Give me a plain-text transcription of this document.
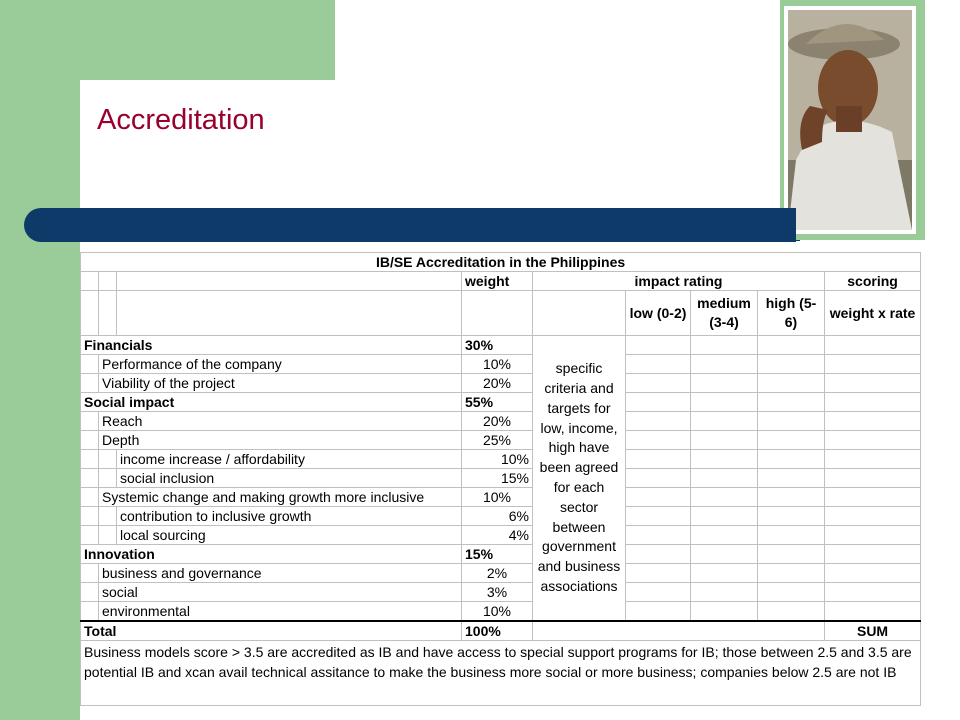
Accreditation
IB/SE Accreditation in the Philippines								
			weight	impact rating				scoring
					low (0-2)	medium (3-4)	high (5-6)	weight x rate
Financials			30%	specific criteria and targets for low, income, high have been agreed for each sector between government and business associations				
	Performance of the company		10%					
	Viability of the project		20%					
Social impact			55%					
	Reach		20%					
	Depth		25%					
		income increase / affordability	10%					
		social inclusion	15%					
	Systemic change and making growth more inclusive		10%					
		contribution to inclusive growth	6%					
		local sourcing	4%					
Innovation			15%					
	business and governance		2%					
	social		3%					
	environmental		10%					
Total			100%					SUM
Business models score > 3.5 are accredited as IB and have access to special support programs for IB; those between 2.5 and 3.5 are potential IB and xcan avail technical assitance to make the business more social or more business; companies below 2.5 are not IB								
